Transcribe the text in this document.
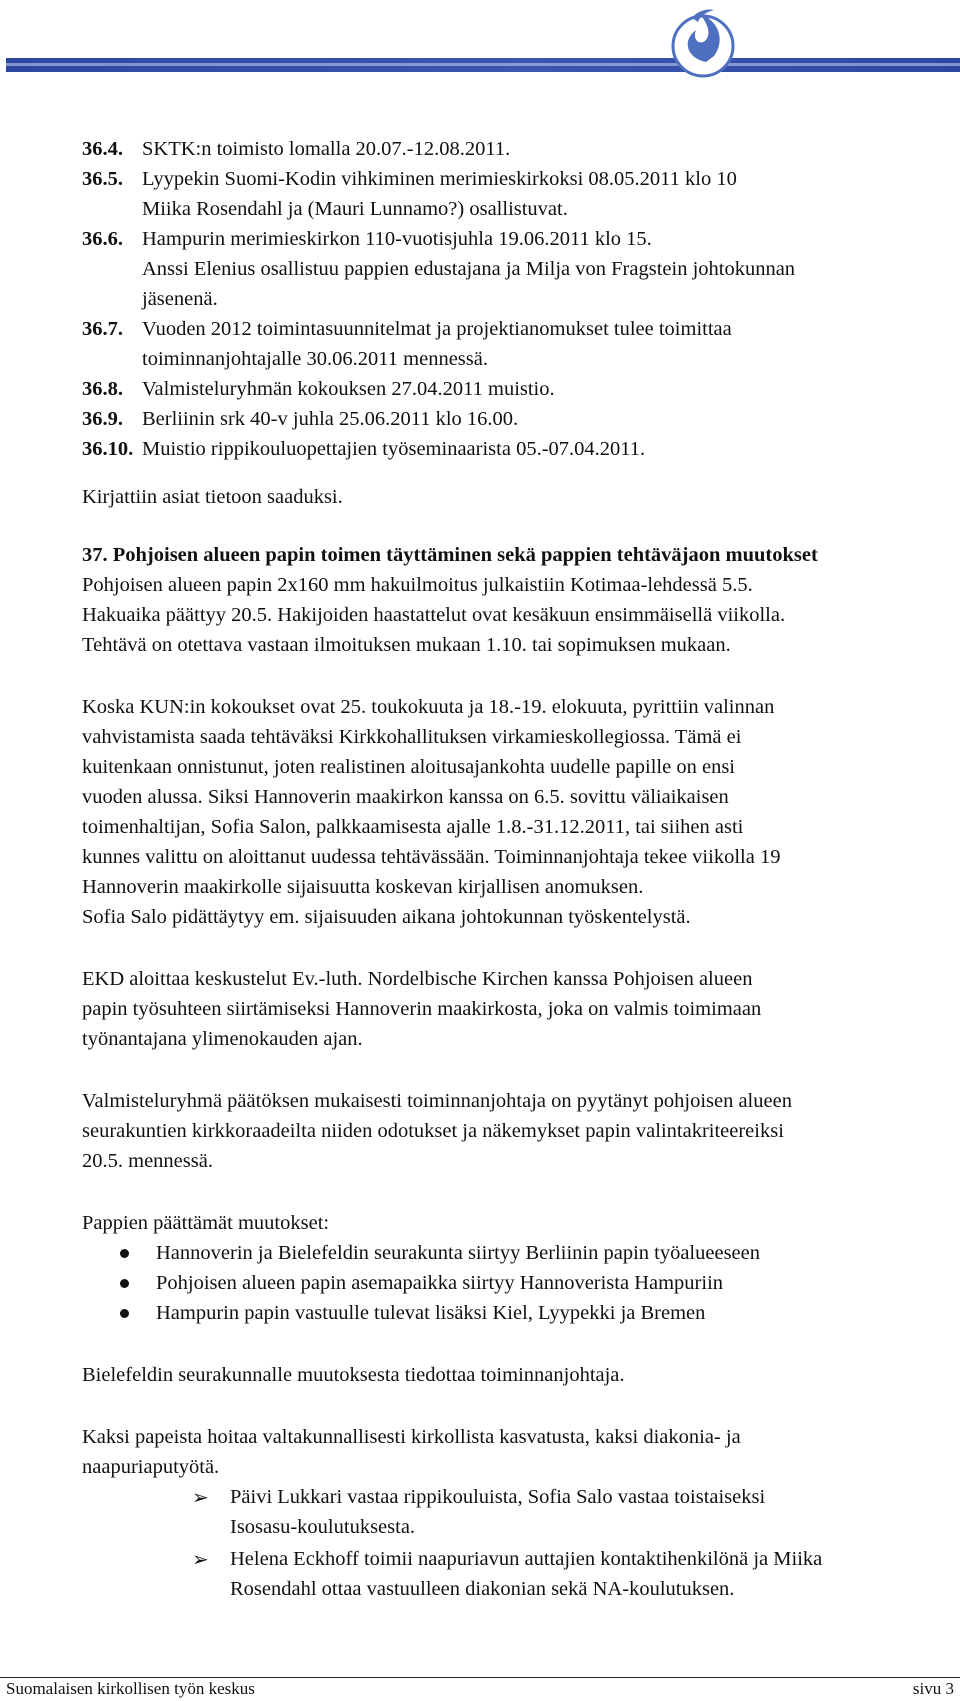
36.4. SKTK:n toimisto lomalla 20.07.-12.08.2011.
36.5. Lyypekin Suomi-Kodin vihkiminen merimieskirkoksi 08.05.2011 klo 10

Miika Rosendahl ja (Mauri Lunnamo?) osallistuvat.

36.6. Hampurin merimieskirkon 110-vuotisjuhla 19.06.2011 klo 15.

Anssi Elenius osallistuu pappien edustajana ja Milja von Fragstein johtokunnan

jäsenenä.

36.7. Vuoden 2012 toimintasuunnitelmat ja projektianomukset tulee toimittaa

toiminnanjohtajalle 30.06.2011 mennessä.

36.8. Valmisteluryhmän kokouksen 27.04.2011 muistio.
36.9. Berliinin srk 40-v juhla 25.06.2011 klo 16.00.
36.10. Muistio rippikouluopettajien työseminaarista 05.-07.04.2011.

Kirjattiin asiat tietoon saaduksi.

37. Pohjoisen alueen papin toimen täyttäminen sekä pappien tehtäväjaon muutokset

Pohjoisen alueen papin 2x160 mm hakuilmoitus julkaistiin Kotimaa-lehdessä 5.5.

Hakuaika päättyy 20.5. Hakijoiden haastattelut ovat kesäkuun ensimmäisellä viikolla.

Tehtävä on otettava vastaan ilmoituksen mukaan 1.10. tai sopimuksen mukaan.

Koska KUN:in kokoukset ovat 25. toukokuuta ja 18.-19. elokuuta, pyrittiin valinnan

vahvistamista saada tehtäväksi Kirkkohallituksen virkamieskollegiossa. Tämä ei

kuitenkaan onnistunut, joten realistinen aloitusajankohta uudelle papille on ensi

vuoden alussa. Siksi Hannoverin maakirkon kanssa on 6.5. sovittu väliaikaisen

toimenhaltijan, Sofia Salon, palkkaamisesta ajalle 1.8.-31.12.2011, tai siihen asti

kunnes valittu on aloittanut uudessa tehtävässään. Toiminnanjohtaja tekee viikolla 19

Hannoverin maakirkolle sijaisuutta koskevan kirjallisen anomuksen.

Sofia Salo pidättäytyy em. sijaisuuden aikana johtokunnan työskentelystä.

EKD aloittaa keskustelut Ev.-luth. Nordelbische Kirchen kanssa Pohjoisen alueen

papin työsuhteen siirtämiseksi Hannoverin maakirkosta, joka on valmis toimimaan

työnantajana ylimenokauden ajan.

Valmisteluryhmä päätöksen mukaisesti toiminnanjohtaja on pyytänyt pohjoisen alueen

seurakuntien kirkkoraadeilta niiden odotukset ja näkemykset papin valintakriteereiksi

20.5. mennessä.

Pappien päättämät muutokset:

Hannoverin ja Bielefeldin seurakunta siirtyy Berliinin papin työalueeseen
Pohjoisen alueen papin asemapaikka siirtyy Hannoverista Hampuriin
Hampurin papin vastuulle tulevat lisäksi Kiel, Lyypekki ja Bremen

Bielefeldin seurakunnalle muutoksesta tiedottaa toiminnanjohtaja.

Kaksi papeista hoitaa valtakunnallisesti kirkollista kasvatusta, kaksi diakonia- ja

naapuriaputyötä.

➢ Päivi Lukkari vastaa rippikouluista, Sofia Salo vastaa toistaiseksi
Isosasu-koulutuksesta.
➢ Helena Eckhoff toimii naapuriavun auttajien kontaktihenkilönä ja Miika
Rosendahl ottaa vastuulleen diakonian sekä NA-koulutuksen.
Suomalaisen kirkollisen työn keskus	sivu 3
